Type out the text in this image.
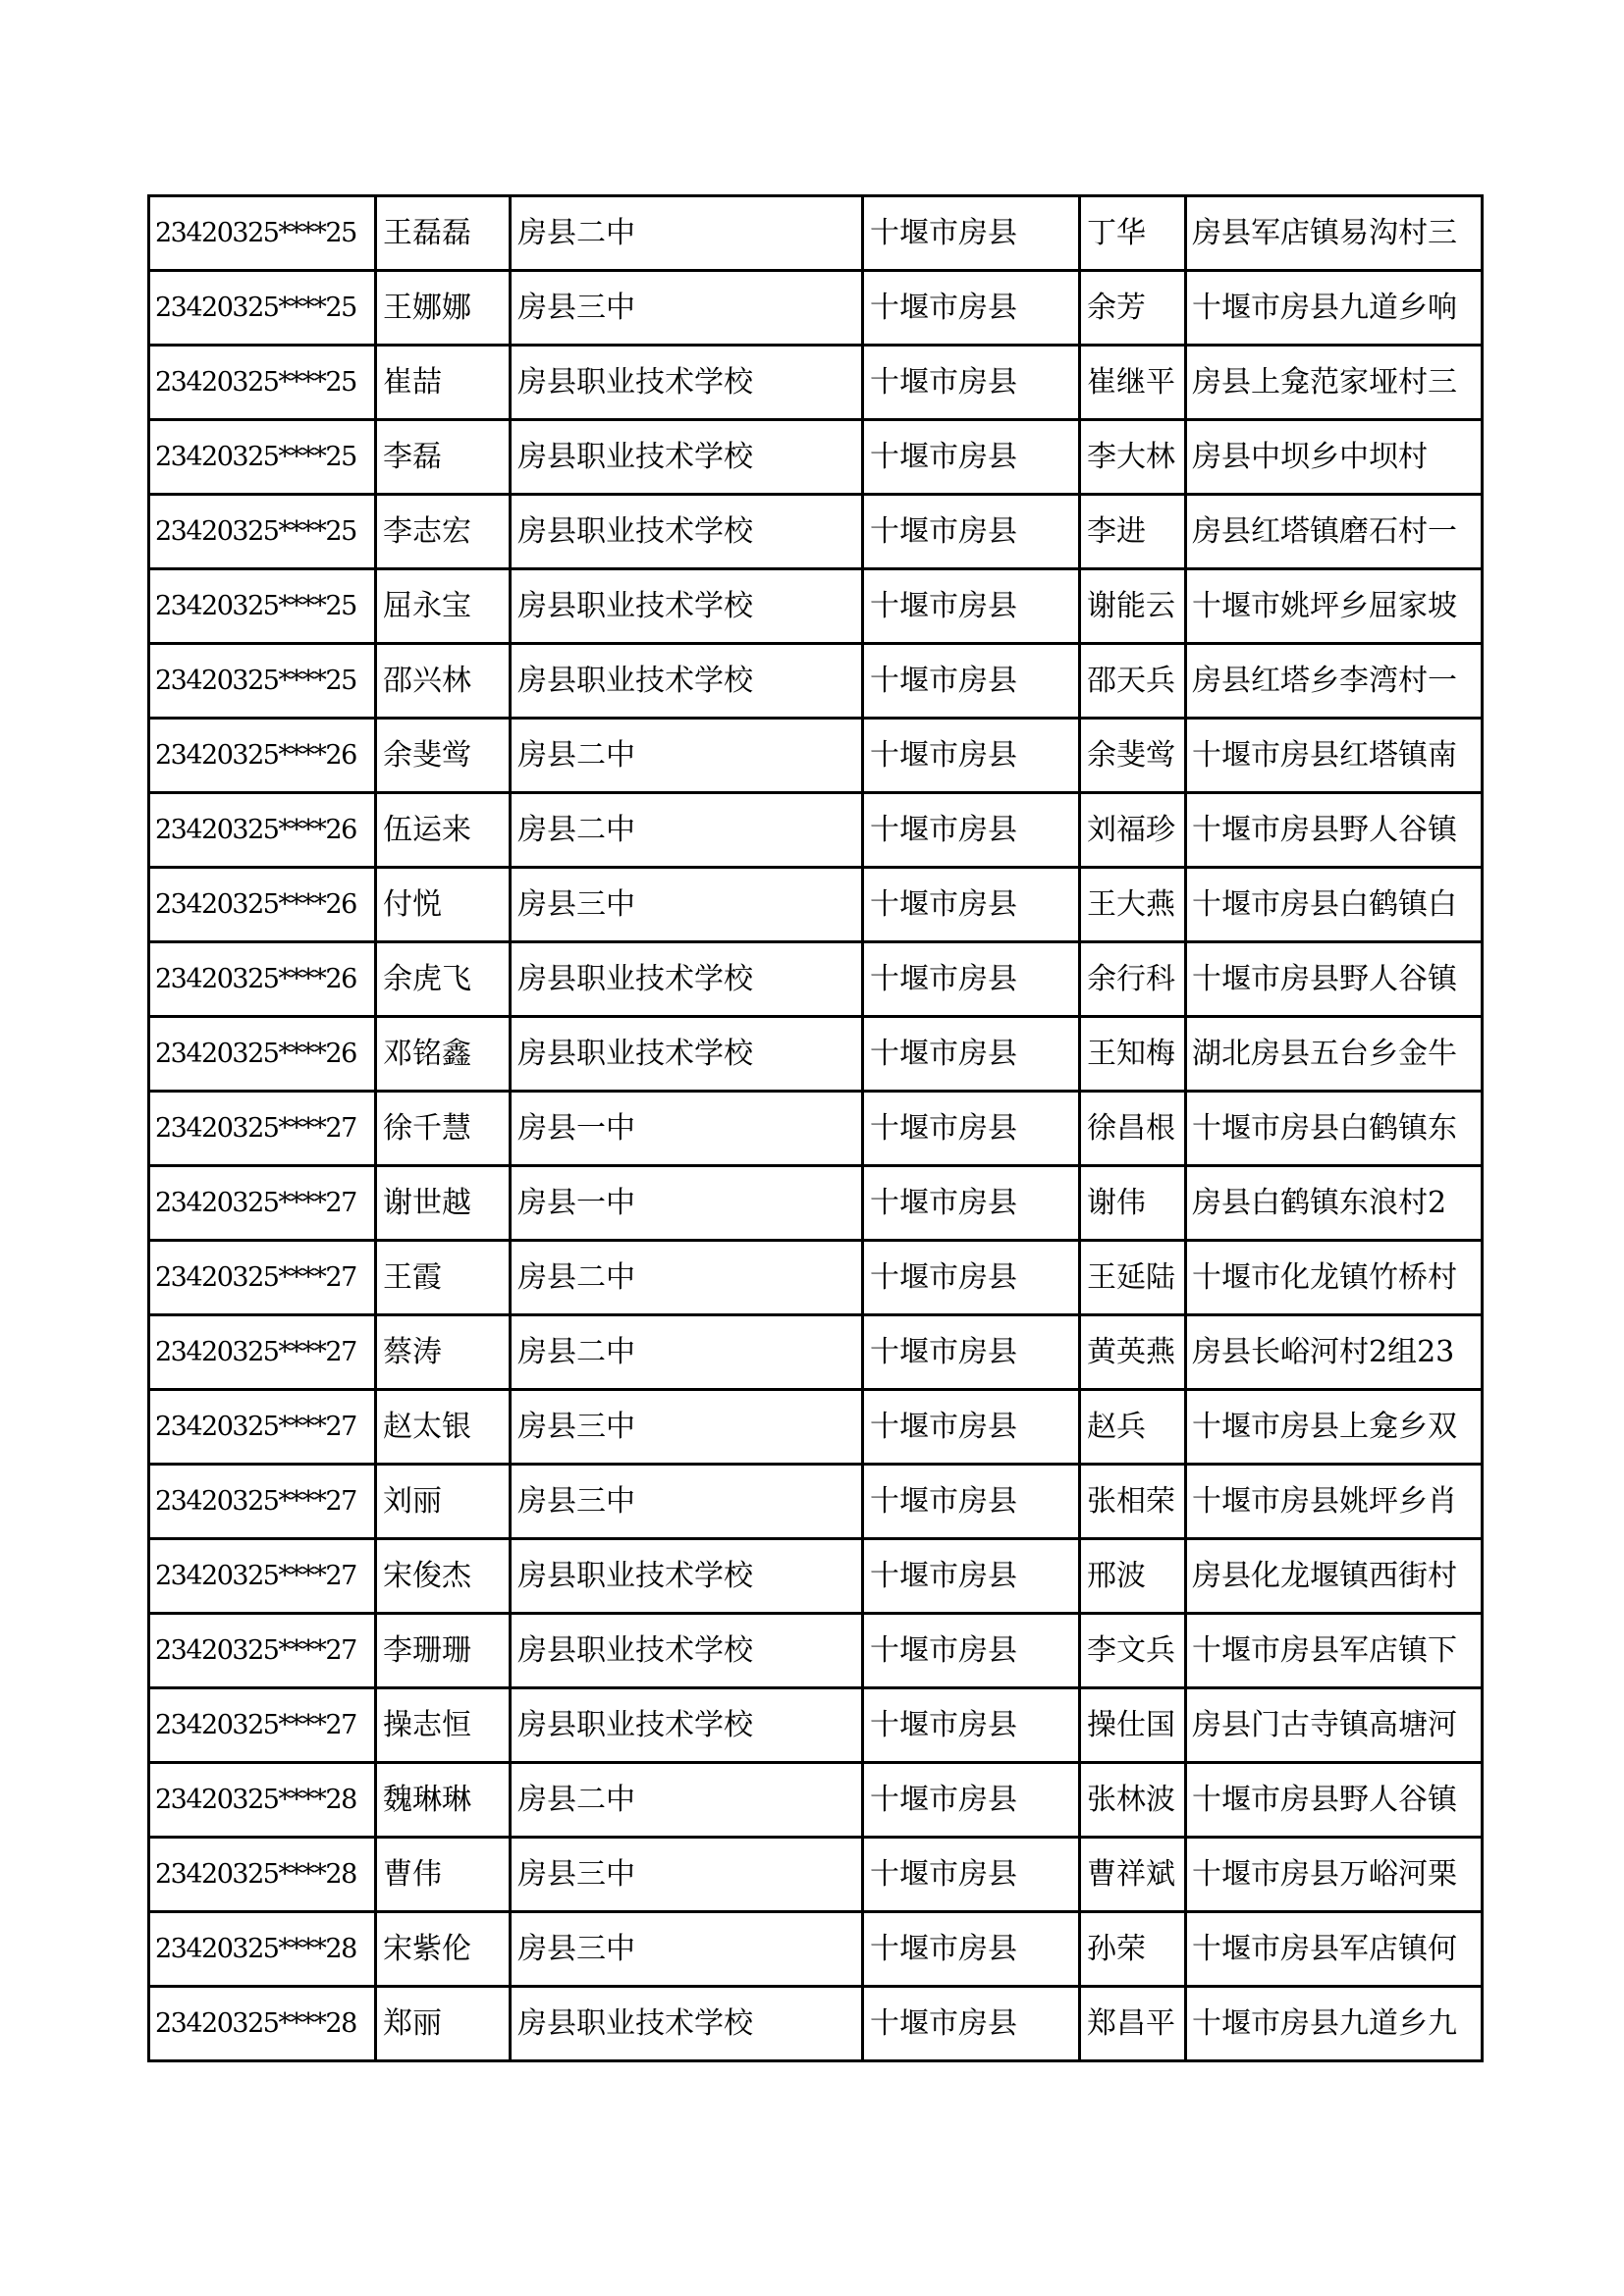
23420325****25	王磊磊	房县二中	十堰市房县	丁华	房县军店镇易沟村三
23420325****25	王娜娜	房县三中	十堰市房县	余芳	十堰市房县九道乡响
23420325****25	崔喆	房县职业技术学校	十堰市房县	崔继平	房县上龛范家垭村三
23420325****25	李磊	房县职业技术学校	十堰市房县	李大林	房县中坝乡中坝村
23420325****25	李志宏	房县职业技术学校	十堰市房县	李进	房县红塔镇磨石村一
23420325****25	屈永宝	房县职业技术学校	十堰市房县	谢能云	十堰市姚坪乡屈家坡
23420325****25	邵兴林	房县职业技术学校	十堰市房县	邵天兵	房县红塔乡李湾村一
23420325****26	余斐鸴	房县二中	十堰市房县	余斐鸴	十堰市房县红塔镇南
23420325****26	伍运来	房县二中	十堰市房县	刘福珍	十堰市房县野人谷镇
23420325****26	付悦	房县三中	十堰市房县	王大燕	十堰市房县白鹤镇白
23420325****26	余虎飞	房县职业技术学校	十堰市房县	余行科	十堰市房县野人谷镇
23420325****26	邓铭鑫	房县职业技术学校	十堰市房县	王知梅	湖北房县五台乡金牛
23420325****27	徐千慧	房县一中	十堰市房县	徐昌根	十堰市房县白鹤镇东
23420325****27	谢世越	房县一中	十堰市房县	谢伟	房县白鹤镇东浪村2
23420325****27	王霞	房县二中	十堰市房县	王延陆	十堰市化龙镇竹桥村
23420325****27	蔡涛	房县二中	十堰市房县	黄英燕	房县长峪河村2组23
23420325****27	赵太银	房县三中	十堰市房县	赵兵	十堰市房县上龛乡双
23420325****27	刘丽	房县三中	十堰市房县	张相荣	十堰市房县姚坪乡肖
23420325****27	宋俊杰	房县职业技术学校	十堰市房县	邢波	房县化龙堰镇西街村
23420325****27	李珊珊	房县职业技术学校	十堰市房县	李文兵	十堰市房县军店镇下
23420325****27	操志恒	房县职业技术学校	十堰市房县	操仕国	房县门古寺镇高塘河
23420325****28	魏琳琳	房县二中	十堰市房县	张林波	十堰市房县野人谷镇
23420325****28	曹伟	房县三中	十堰市房县	曹祥斌	十堰市房县万峪河栗
23420325****28	宋紫伦	房县三中	十堰市房县	孙荣	十堰市房县军店镇何
23420325****28	郑丽	房县职业技术学校	十堰市房县	郑昌平	十堰市房县九道乡九
